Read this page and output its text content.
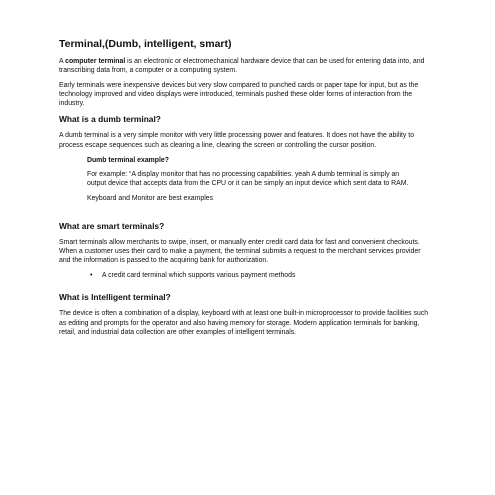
Terminal,(Dumb, intelligent, smart)

A computer terminal is an electronic or electromechanical hardware device that can be used for entering data into, and transcribing data from, a computer or a computing system.

Early terminals were inexpensive devices but very slow compared to punched cards or paper tape for input, but as the technology improved and video displays were introduced, terminals pushed these older forms of interaction from the industry.

What is a dumb terminal?

A dumb terminal is a very simple monitor with very little processing power and features. It does not have the ability to process escape sequences such as clearing a line, clearing the screen or controlling the cursor position.

Dumb terminal example?

For example: “A display monitor that has no processing capabilities. yeah A dumb terminal is simply an output device that accepts data from the CPU or it can be simply an input device which sent data to RAM.

Keyboard and Monitor are best examples

What are smart terminals?

Smart terminals allow merchants to swipe, insert, or manually enter credit card data for fast and convenient checkouts. When a customer uses their card to make a payment, the terminal submits a request to the merchant services provider and the information is passed to the acquiring bank for authorization.

• A credit card terminal which supports various payment methods
What is Intelligent terminal?

The device is often a combination of a display, keyboard with at least one built-in microprocessor to provide facilities such as editing and prompts for the operator and also having memory for storage. Modern application terminals for banking, retail, and industrial data collection are other examples of intelligent terminals.
